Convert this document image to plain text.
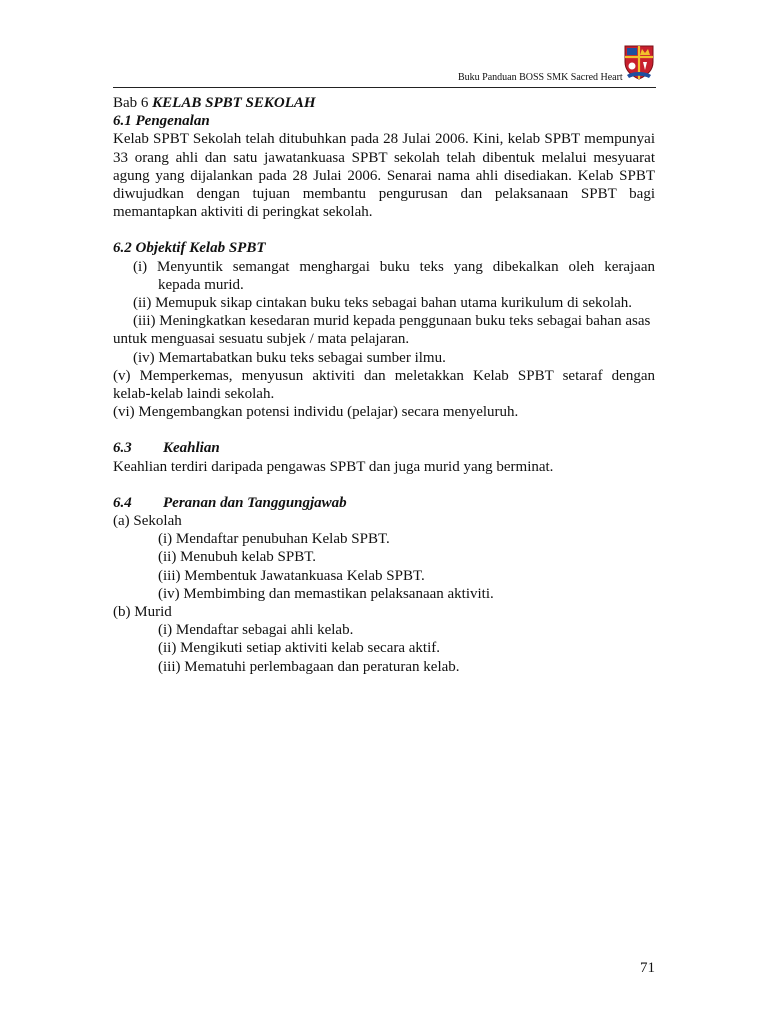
Buku Panduan BOSS SMK Sacred Heart
Bab 6 KELAB SPBT SEKOLAH
6.1 Pengenalan
Kelab SPBT Sekolah telah ditubuhkan pada 28 Julai 2006. Kini, kelab SPBT mempunyai
33 orang ahli dan satu jawatankuasa SPBT sekolah telah dibentuk melalui mesyuarat
agung yang dijalankan pada 28 Julai 2006. Senarai nama ahli disediakan. Kelab SPBT
diwujudkan dengan tujuan membantu pengurusan dan pelaksanaan SPBT bagi
memantapkan aktiviti di peringkat sekolah.
6.2 Objektif Kelab SPBT
(i) Menyuntik semangat menghargai buku teks yang dibekalkan oleh kerajaan
kepada murid.
(ii) Memupuk sikap cintakan buku teks sebagai bahan utama kurikulum di sekolah.
(iii) Meningkatkan kesedaran murid kepada penggunaan buku teks sebagai bahan asas
untuk menguasai sesuatu subjek / mata pelajaran.
(iv) Memartabatkan buku teks sebagai sumber ilmu.
(v) Memperkemas, menyusun aktiviti dan meletakkan Kelab SPBT setaraf dengan
kelab-kelab laindi sekolah.
(vi) Mengembangkan potensi individu (pelajar) secara menyeluruh.
6.3 Keahlian
Keahlian terdiri daripada pengawas SPBT dan juga murid yang berminat.
6.4 Peranan dan Tanggungjawab
(a) Sekolah
(i) Mendaftar penubuhan Kelab SPBT.
(ii) Menubuh kelab SPBT.
(iii) Membentuk Jawatankuasa Kelab SPBT.
(iv) Membimbing dan memastikan pelaksanaan aktiviti.
(b) Murid
(i) Mendaftar sebagai ahli kelab.
(ii) Mengikuti setiap aktiviti kelab secara aktif.
(iii) Mematuhi perlembagaan dan peraturan kelab.
71
